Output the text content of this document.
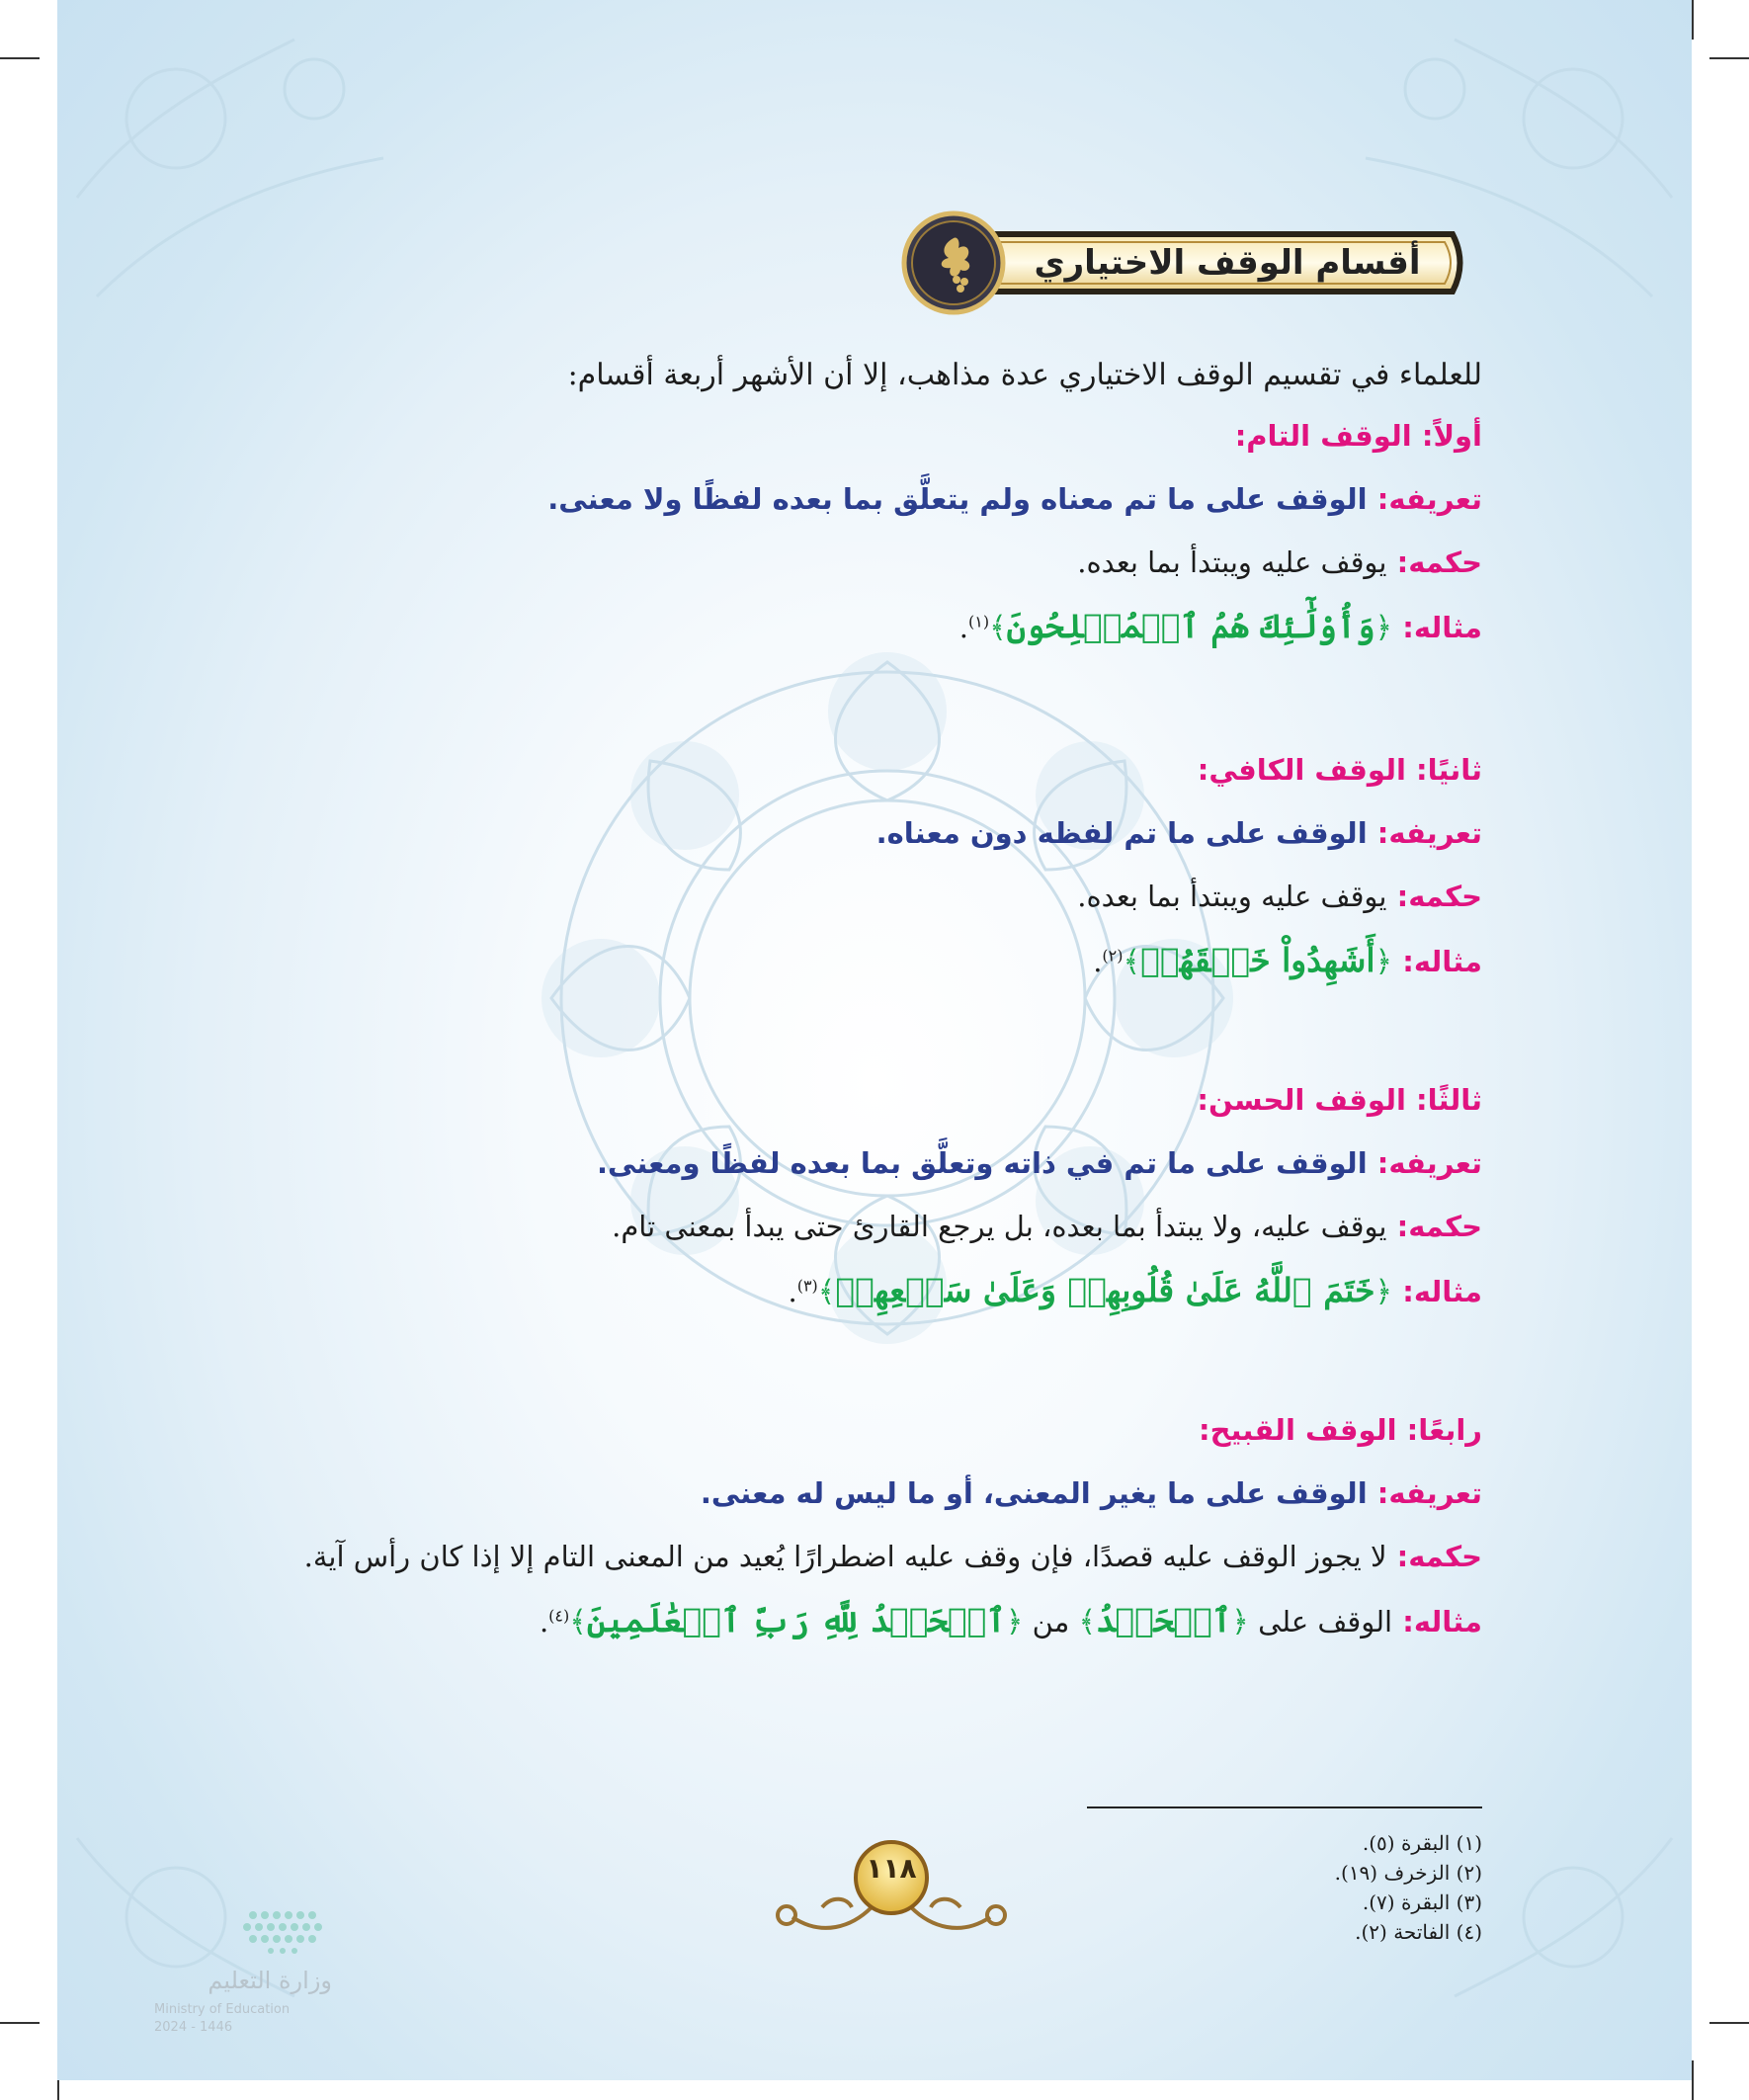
أقسام الوقف الاختياري
للعلماء في تقسيم الوقف الاختياري عدة مذاهب، إلا أن الأشهر أربعة أقسام:
أولاً: الوقف التام:
تعريفه: الوقف على ما تم معناه ولم يتعلَّق بما بعده لفظًا ولا معنى.
حكمه: يوقف عليه ويبتدأ بما بعده.
مثاله: ﴿وَأُوْلَٰٓئِكَ هُمُ ٱلۡمُفۡلِحُونَ﴾$^{(١)}$.
ثانيًا: الوقف الكافي:
تعريفه: الوقف على ما تم لفظه دون معناه.
حكمه: يوقف عليه ويبتدأ بما بعده.
مثاله: ﴿أَشَهِدُواْ خَلۡقَهُمۡ﴾$^{(٢)}$.
ثالثًا: الوقف الحسن:
تعريفه: الوقف على ما تم في ذاته وتعلَّق بما بعده لفظًا ومعنى.
حكمه: يوقف عليه، ولا يبتدأ بما بعده، بل يرجع القارئ حتى يبدأ بمعنى تام.
مثاله: ﴿خَتَمَ ٱللَّهُ عَلَىٰ قُلُوبِهِمۡ وَعَلَىٰ سَمۡعِهِمۡ﴾$^{(٣)}$.
رابعًا: الوقف القبيح:
تعريفه: الوقف على ما يغير المعنى، أو ما ليس له معنى.
حكمه: لا يجوز الوقف عليه قصدًا، فإن وقف عليه اضطرارًا يُعيد من المعنى التام إلا إذا كان رأس آية.
مثاله: الوقف على ﴿ٱلۡحَمۡدُ﴾ من ﴿ٱلۡحَمۡدُ لِلَّهِ رَبِّ ٱلۡعَٰلَمِينَ﴾$^{(٤)}$.
(١) البقرة (٥).
(٢) الزخرف (١٩).
(٣) البقرة (٧).
(٤) الفاتحة (٢).
١١٨
وزارة التعليم
Ministry of Education
2024 - 1446
